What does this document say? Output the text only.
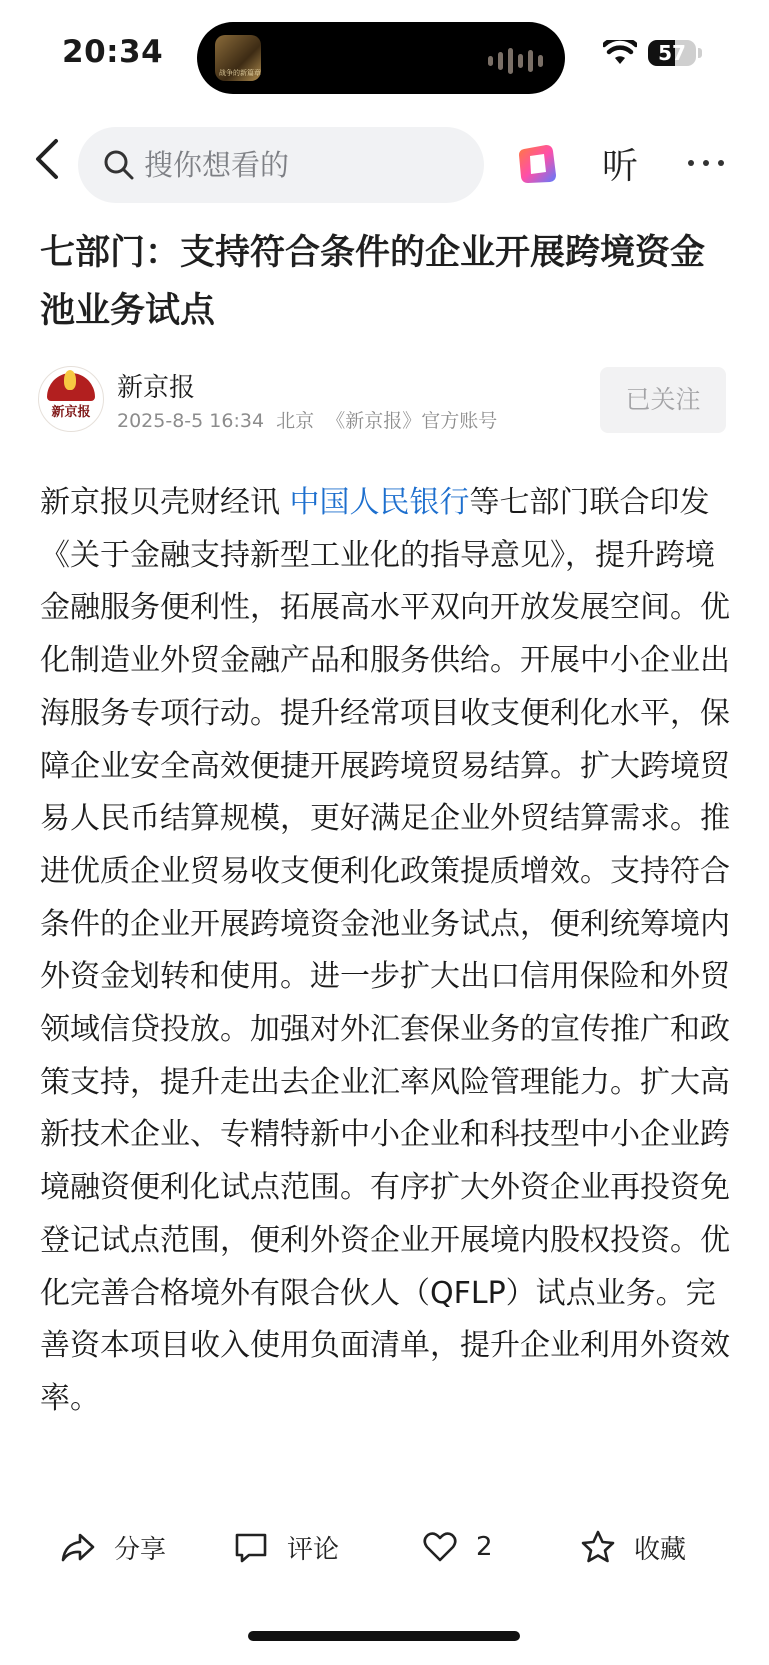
20:34
战争的新篇章
57
搜你想看的	听
七部门：支持符合条件的企业开展跨境资金池业务试点
新京报
新京报
2025-8-5 16:34 北京 《新京报》官方账号
已关注
新京报贝壳财经讯 中国人民银行等七部门联合印发《关于金融支持新型工业化的指导意见》，提升跨境金融服务便利性，拓展高水平双向开放发展空间。优化制造业外贸金融产品和服务供给。开展中小企业出海服务专项行动。提升经常项目收支便利化水平，保障企业安全高效便捷开展跨境贸易结算。扩大跨境贸易人民币结算规模，更好满足企业外贸结算需求。推进优质企业贸易收支便利化政策提质增效。支持符合条件的企业开展跨境资金池业务试点，便利统筹境内外资金划转和使用。进一步扩大出口信用保险和外贸领域信贷投放。加强对外汇套保业务的宣传推广和政策支持，提升走出去企业汇率风险管理能力。扩大高新技术企业、专精特新中小企业和科技型中小企业跨境融资便利化试点范围。有序扩大外资企业再投资免登记试点范围，便利外资企业开展境内股权投资。优化完善合格境外有限合伙人（QFLP）试点业务。完善资本项目收入使用负面清单，提升企业利用外资效率。
分享	评论	2	收藏
